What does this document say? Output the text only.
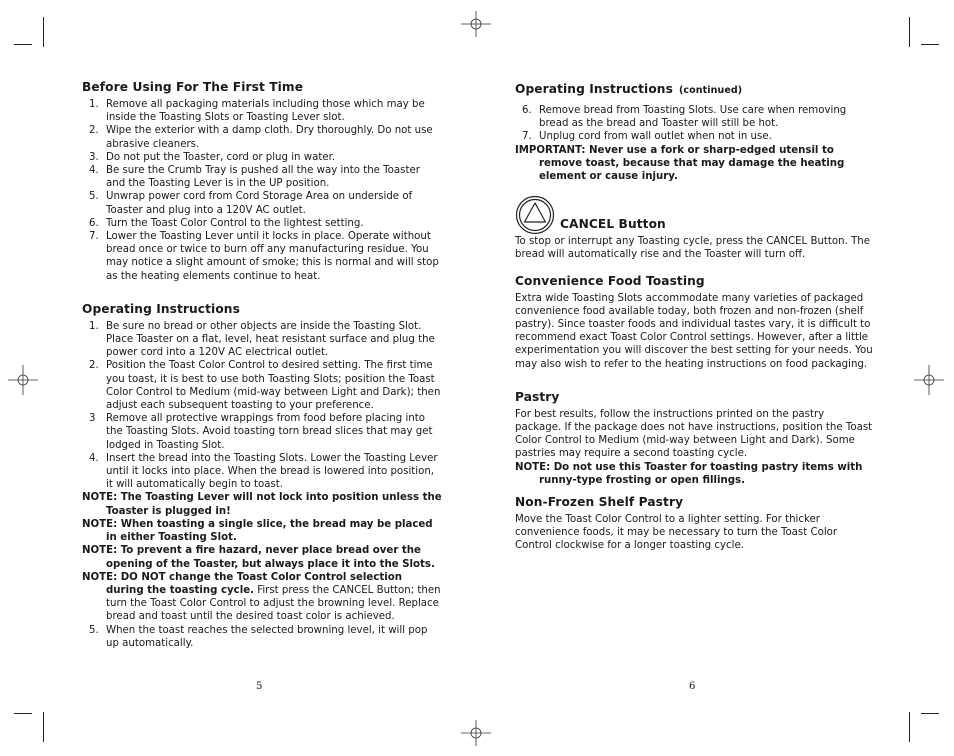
Before Using For The First Time
1. Remove all packaging materials including those which may be inside the Toasting Slots or Toasting Lever slot.
2. Wipe the exterior with a damp cloth. Dry thoroughly. Do not use abrasive cleaners.
3. Do not put the Toaster, cord or plug in water.
4. Be sure the Crumb Tray is pushed all the way into the Toaster and the Toasting Lever is in the UP position.
5. Unwrap power cord from Cord Storage Area on underside of Toaster and plug into a 120V AC outlet.
6. Turn the Toast Color Control to the lightest setting.
7. Lower the Toasting Lever until it locks in place. Operate without bread once or twice to burn off any manufacturing residue. You may notice a slight amount of smoke; this is normal and will stop as the heating elements continue to heat.
Operating Instructions
1. Be sure no bread or other objects are inside the Toasting Slot. Place Toaster on a flat, level, heat resistant surface and plug the power cord into a 120V AC electrical outlet.
2. Position the Toast Color Control to desired setting. The first time you toast, it is best to use both Toasting Slots; position the Toast Color Control to Medium (mid-way between Light and Dark); then adjust each subsequent toasting to your preference.
3 Remove all protective wrappings from food before placing into the Toasting Slots. Avoid toasting torn bread slices that may get lodged in Toasting Slot.
4. Insert the bread into the Toasting Slots. Lower the Toasting Lever until it locks into place. When the bread is lowered into position, it will automatically begin to toast.

NOTE: The Toasting Lever will not lock into position unless the Toaster is plugged in!

NOTE: When toasting a single slice, the bread may be placed in either Toasting Slot.

NOTE: To prevent a fire hazard, never place bread over the opening of the Toaster, but always place it into the Slots.

NOTE: DO NOT change the Toast Color Control selection during the toasting cycle. First press the CANCEL Button; then turn the Toast Color Control to adjust the browning level. Replace bread and toast until the desired toast color is achieved.

5. When the toast reaches the selected browning level, it will pop up automatically.
5
Operating Instructions (continued)
6. Remove bread from Toasting Slots. Use care when removing bread as the bread and Toaster will still be hot.
7. Unplug cord from wall outlet when not in use.

IMPORTANT: Never use a fork or sharp-edged utensil to remove toast, because that may damage the heating element or cause injury.

CANCEL Button

To stop or interrupt any Toasting cycle, press the CANCEL Button. The bread will automatically rise and the Toaster will turn off.

Convenience Food Toasting

Extra wide Toasting Slots accommodate many varieties of packaged convenience food available today, both frozen and non-frozen (shelf pastry). Since toaster foods and individual tastes vary, it is difficult to recommend exact Toast Color Control settings. However, after a little experimentation you will discover the best setting for your needs. You may also wish to refer to the heating instructions on food packaging.

Pastry

For best results, follow the instructions printed on the pastry package. If the package does not have instructions, position the Toast Color Control to Medium (mid-way between Light and Dark). Some pastries may require a second toasting cycle.

NOTE: Do not use this Toaster for toasting pastry items with runny-type frosting or open fillings.

Non-Frozen Shelf Pastry

Move the Toast Color Control to a lighter setting. For thicker convenience foods, it may be necessary to turn the Toast Color Control clockwise for a longer toasting cycle.

6
